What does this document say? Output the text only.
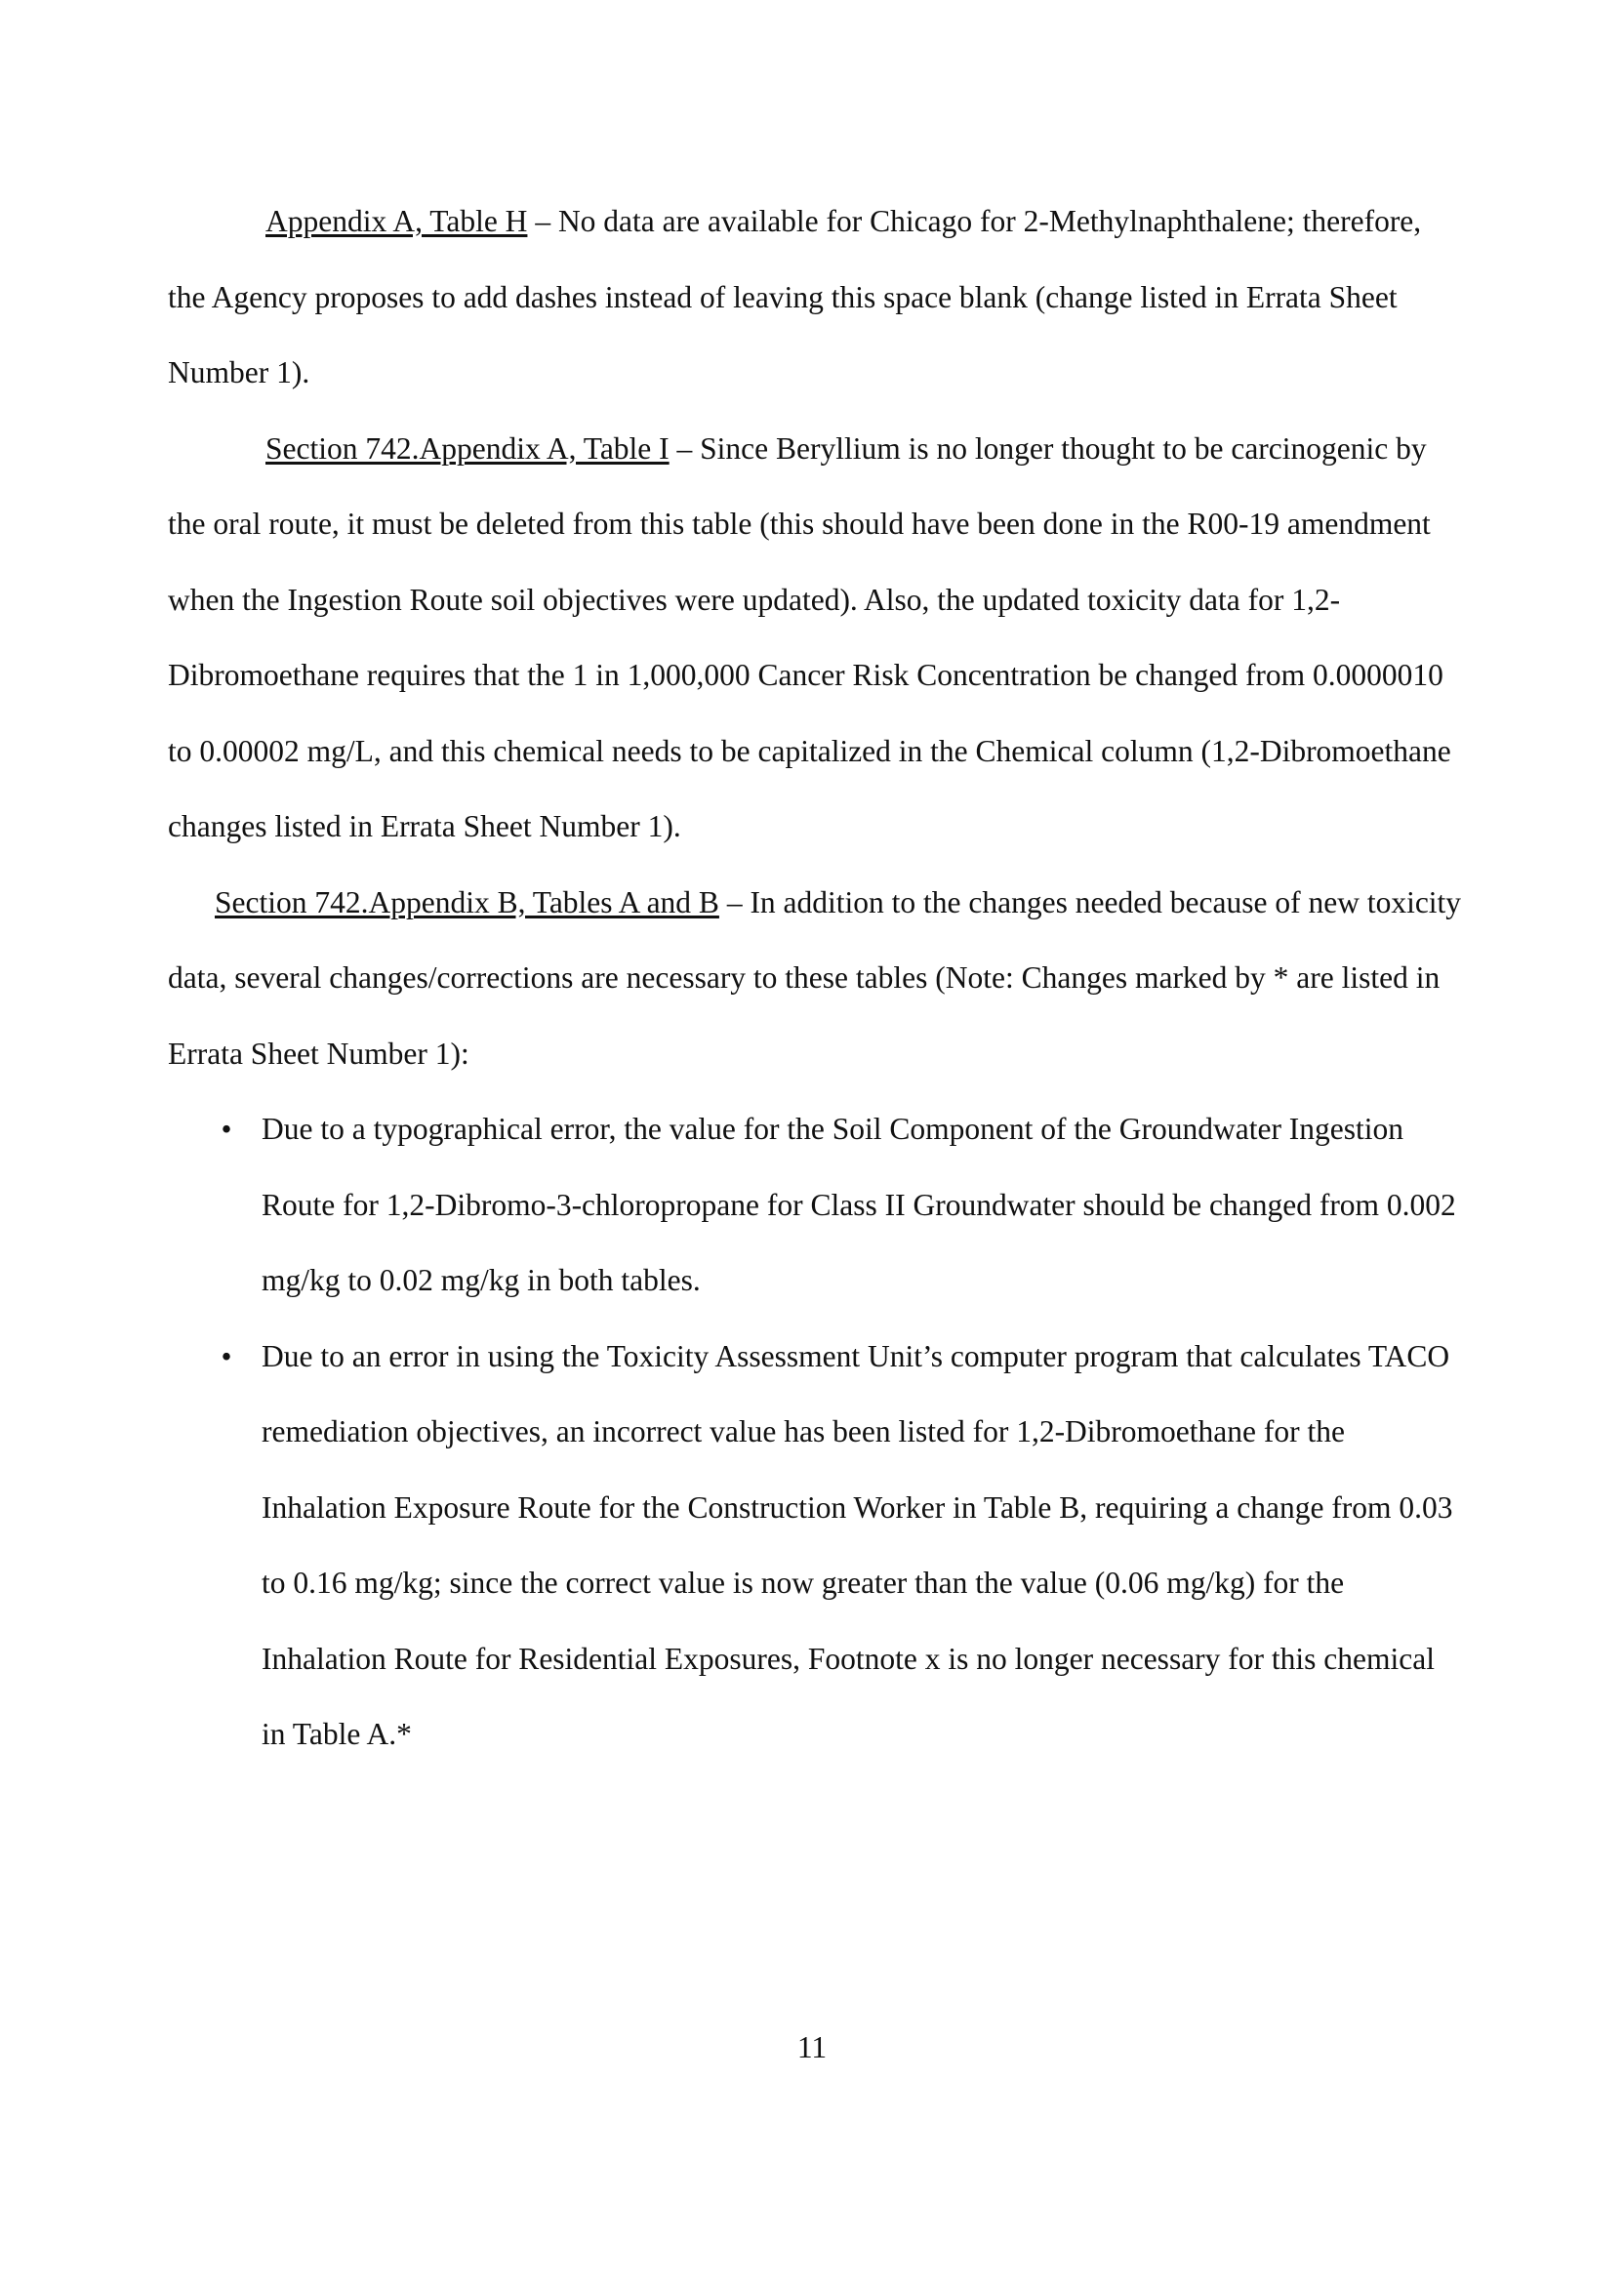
Appendix A, Table H – No data are available for Chicago for 2-Methylnaphthalene; therefore, the Agency proposes to add dashes instead of leaving this space blank (change listed in Errata Sheet Number 1).

Section 742.Appendix A, Table I – Since Beryllium is no longer thought to be carcinogenic by the oral route, it must be deleted from this table (this should have been done in the R00-19 amendment when the Ingestion Route soil objectives were updated). Also, the updated toxicity data for 1,2-Dibromoethane requires that the 1 in 1,000,000 Cancer Risk Concentration be changed from 0.0000010 to 0.00002 mg/L, and this chemical needs to be capitalized in the Chemical column (1,2-Dibromoethane changes listed in Errata Sheet Number 1).

Section 742.Appendix B, Tables A and B – In addition to the changes needed because of new toxicity data, several changes/corrections are necessary to these tables (Note: Changes marked by * are listed in Errata Sheet Number 1):

• Due to a typographical error, the value for the Soil Component of the Groundwater Ingestion Route for 1,2-Dibromo-3-chloropropane for Class II Groundwater should be changed from 0.002 mg/kg to 0.02 mg/kg in both tables.
• Due to an error in using the Toxicity Assessment Unit’s computer program that calculates TACO remediation objectives, an incorrect value has been listed for 1,2-Dibromoethane for the Inhalation Exposure Route for the Construction Worker in Table B, requiring a change from 0.03 to 0.16 mg/kg; since the correct value is now greater than the value (0.06 mg/kg) for the Inhalation Route for Residential Exposures, Footnote x is no longer necessary for this chemical in Table A.*
11
